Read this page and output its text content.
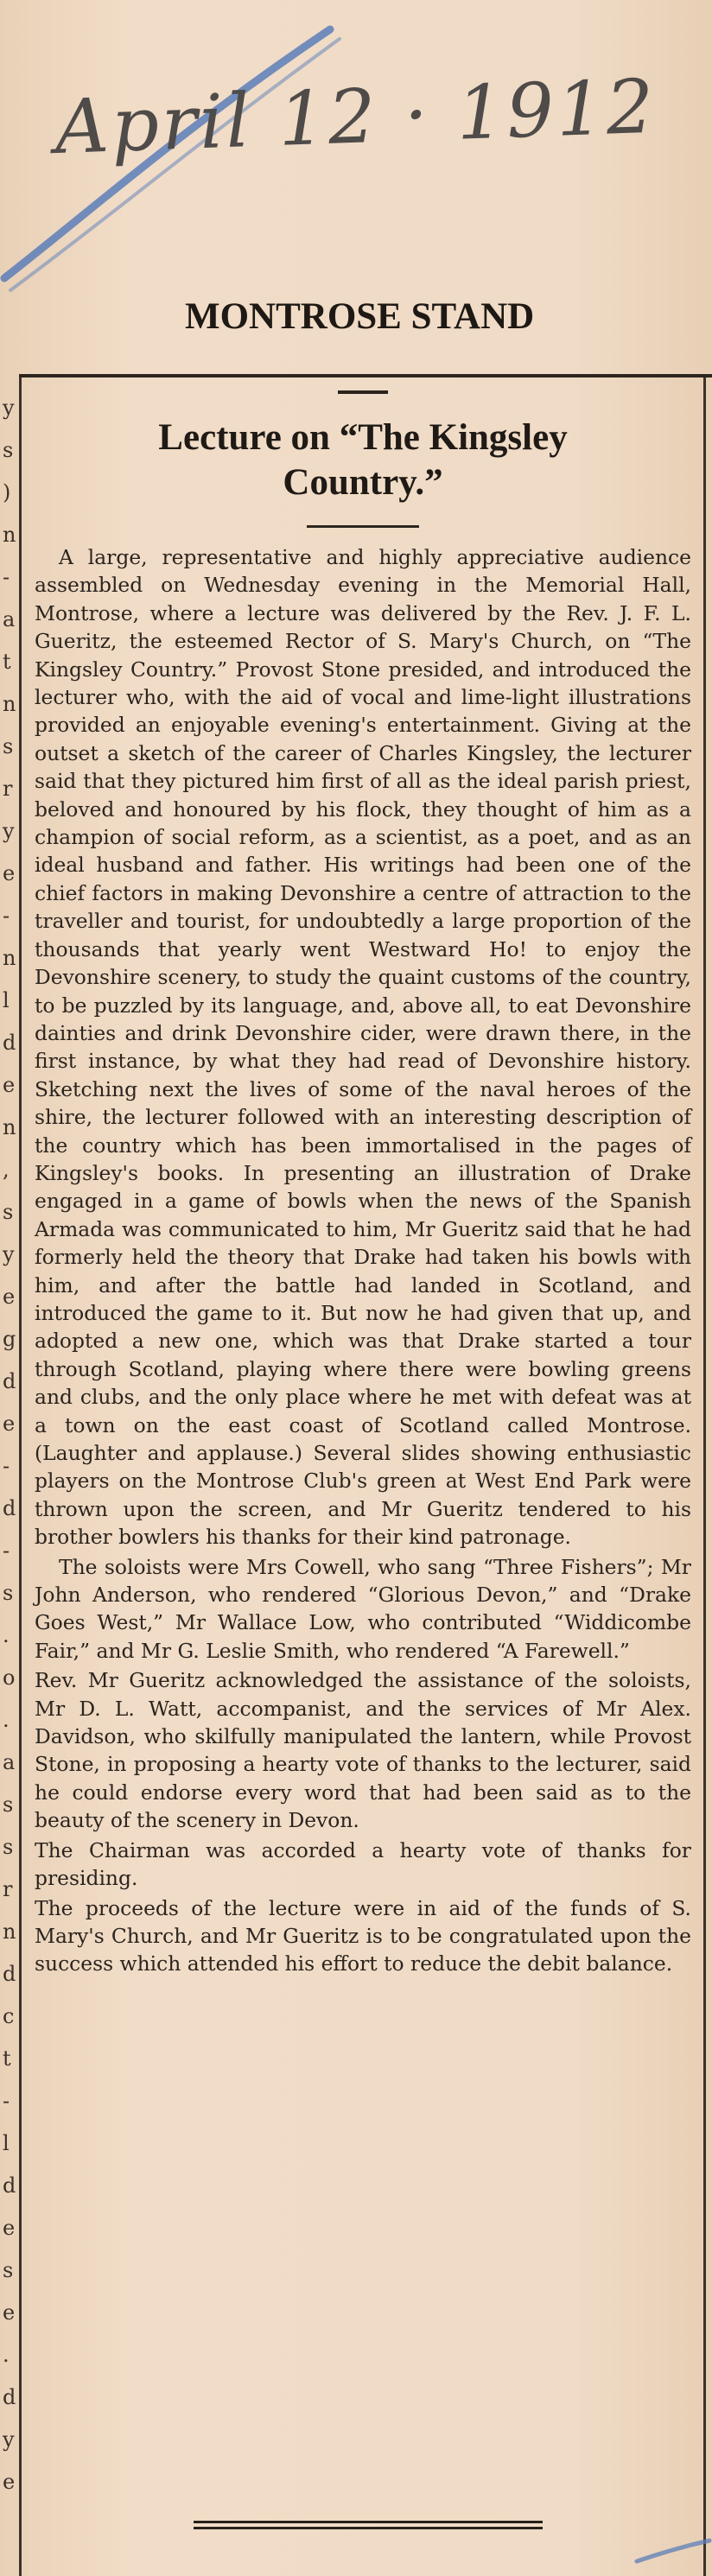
April 12 · 1912
MONTROSE STAND
y
s
)
n
-
a
t
n
s
r
y
e
-
n
l
d
e
n
,
s
y
e
g
d
e
-
d
-
s
.
o
.
a
s
s
r
n
d
c
t
-
l
d
e
s
e
.
d
y
e
Lecture on “The Kingsley
Country.”

A large, representative and highly appreciative audience assembled on Wednesday evening in the Memorial Hall, Montrose, where a lecture was delivered by the Rev. J. F. L. Gueritz, the esteemed Rector of S. Mary's Church, on “The Kingsley Country.” Provost Stone presided, and introduced the lecturer who, with the aid of vocal and lime-light illustrations provided an enjoyable evening's entertainment. Giving at the outset a sketch of the career of Charles Kingsley, the lecturer said that they pictured him first of all as the ideal parish priest, beloved and honoured by his flock, they thought of him as a champion of social reform, as a scientist, as a poet, and as an ideal husband and father. His writings had been one of the chief factors in making Devonshire a centre of attraction to the traveller and tourist, for undoubtedly a large proportion of the thousands that yearly went Westward Ho! to enjoy the Devonshire scenery, to study the quaint customs of the country, to be puzzled by its language, and, above all, to eat Devonshire dainties and drink Devonshire cider, were drawn there, in the first instance, by what they had read of Devonshire history. Sketching next the lives of some of the naval heroes of the shire, the lecturer followed with an interesting description of the country which has been immortalised in the pages of Kingsley's books. In presenting an illustration of Drake engaged in a game of bowls when the news of the Spanish Armada was communicated to him, Mr Gueritz said that he had formerly held the theory that Drake had taken his bowls with him, and after the battle had landed in Scotland, and introduced the game to it. But now he had given that up, and adopted a new one, which was that Drake started a tour through Scotland, playing where there were bowling greens and clubs, and the only place where he met with defeat was at a town on the east coast of Scotland called Montrose. (Laughter and applause.) Several slides showing enthusiastic players on the Montrose Club's green at West End Park were thrown upon the screen, and Mr Gueritz tendered to his brother bowlers his thanks for their kind patronage.

The soloists were Mrs Cowell, who sang “Three Fishers”; Mr John Anderson, who rendered “Glorious Devon,” and “Drake Goes West,” Mr Wallace Low, who contributed “Widdicombe Fair,” and Mr G. Leslie Smith, who rendered “A Farewell.”

Rev. Mr Gueritz acknowledged the assistance of the soloists, Mr D. L. Watt, accompanist, and the services of Mr Alex. Davidson, who skilfully manipulated the lantern, while Provost Stone, in proposing a hearty vote of thanks to the lecturer, said he could endorse every word that had been said as to the beauty of the scenery in Devon.

The Chairman was accorded a hearty vote of thanks for presiding.

The proceeds of the lecture were in aid of the funds of S. Mary's Church, and Mr Gueritz is to be congratulated upon the success which attended his effort to reduce the debit balance.
